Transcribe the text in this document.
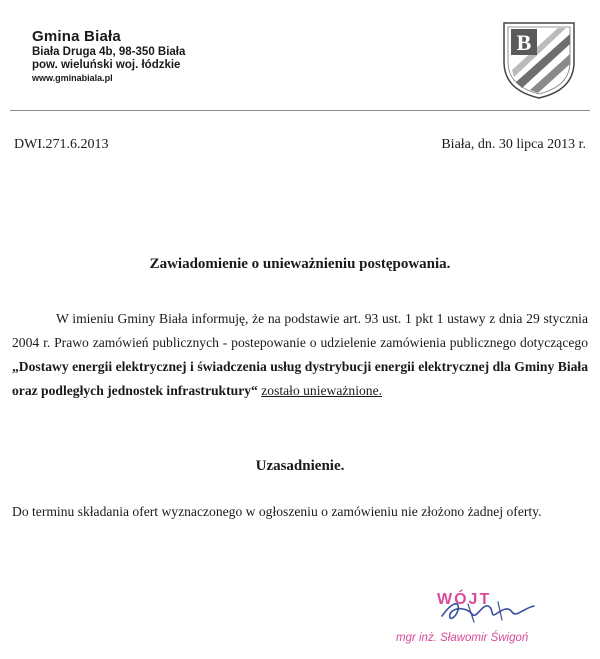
Gmina Biała
Biała Druga 4b, 98-350 Biała
pow. wieluński woj. łódzkie
www.gminabiala.pl
B
DWI.271.6.2013	Biała, dn. 30 lipca 2013 r.
Zawiadomienie o unieważnieniu postępowania.

W imieniu Gminy Biała informuję, że na podstawie art. 93 ust. 1 pkt 1 ustawy z dnia 29 stycznia 2004 r. Prawo zamówień publicznych - postepowanie o udzielenie zamówienia publicznego dotyczącego „Dostawy energii elektrycznej i świadczenia usług dystrybucji energii elektrycznej dla Gminy Biała oraz podległych jednostek infrastruktury“ zostało unieważnione.

Uzasadnienie.

Do terminu składania ofert wyznaczonego w ogłoszeniu o zamówieniu nie złożono żadnej oferty.

WÓJT
mgr inż. Sławomir Świgoń
